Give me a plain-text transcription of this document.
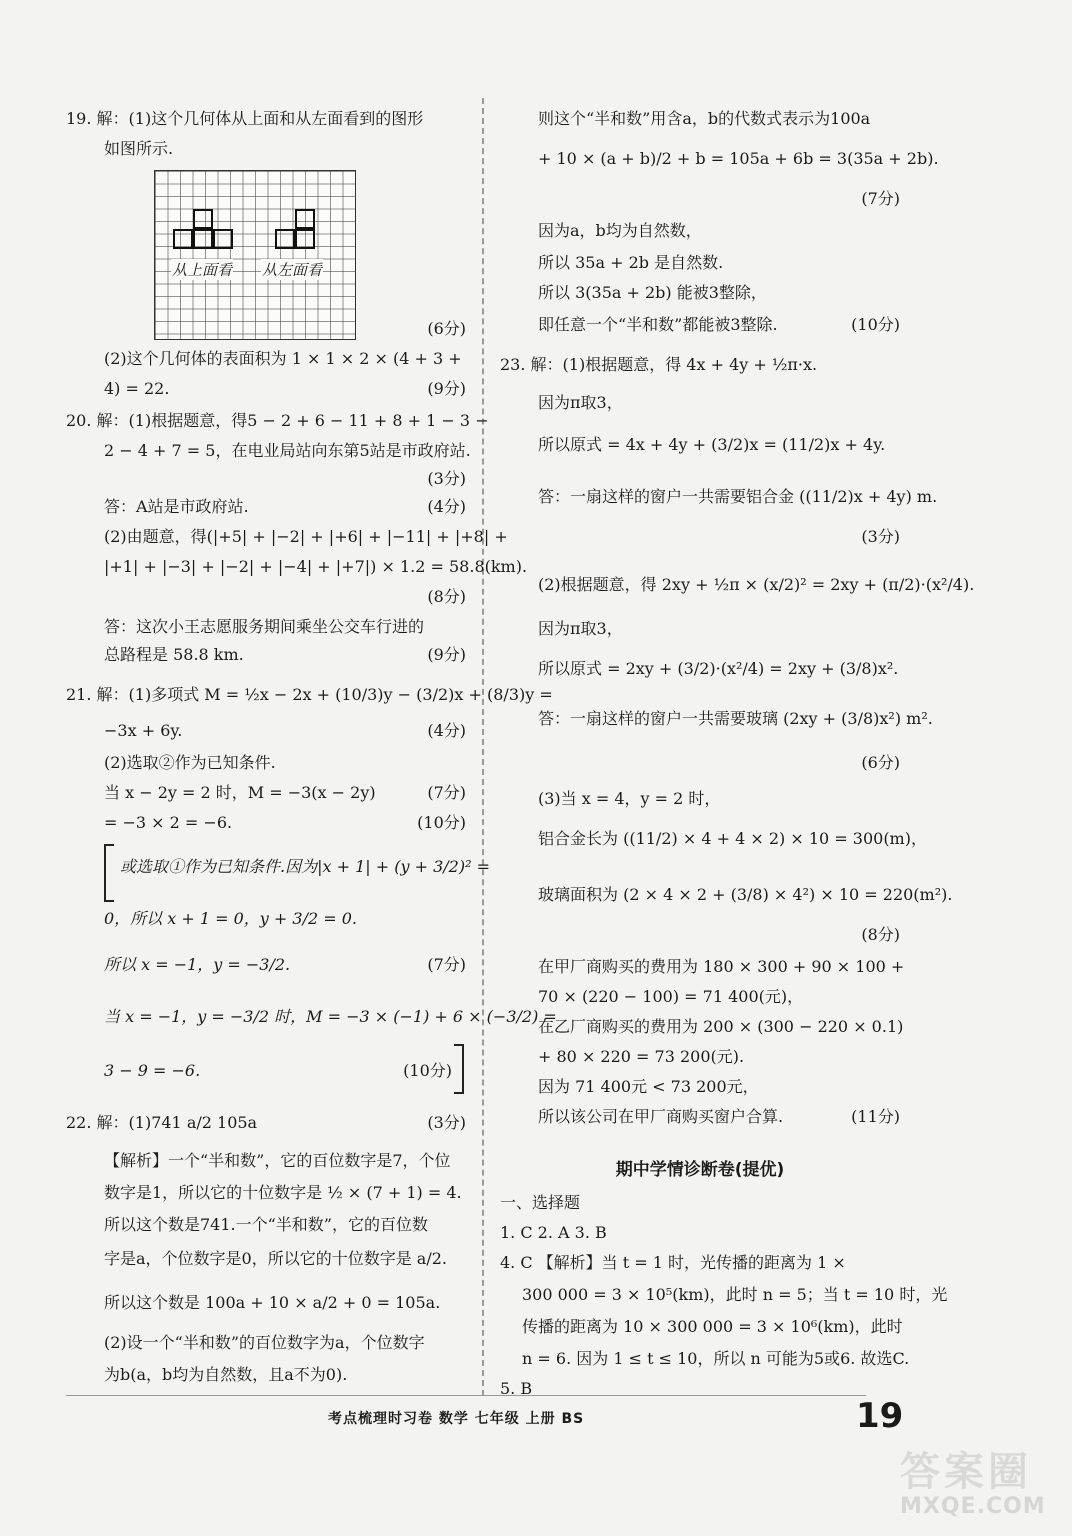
19. 解：(1)这个几何体从上面和从左面看到的图形
如图所示.
从上面看 从左面看
(6分)
(2)这个几何体的表面积为 1 × 1 × 2 × (4 + 3 +
4) = 22.	(9分)
20. 解：(1)根据题意，得5 − 2 + 6 − 11 + 8 + 1 − 3 −
2 − 4 + 7 = 5，在电业局站向东第5站是市政府站.
(3分)
答：A站是市政府站.	(4分)
(2)由题意，得(|+5| + |−2| + |+6| + |−11| + |+8| +
|+1| + |−3| + |−2| + |−4| + |+7|) × 1.2 = 58.8(km).
(8分)
答：这次小王志愿服务期间乘坐公交车行进的
总路程是 58.8 km.	(9分)
21. 解：(1)多项式 M = ½x − 2x + (10/3)y − (3/2)x + (8/3)y =
−3x + 6y.	(4分)
(2)选取②作为已知条件.
当 x − 2y = 2 时，M = −3(x − 2y)	(7分)
= −3 × 2 = −6.	(10分)
或选取①作为已知条件.因为|x + 1| + (y + 3/2)² =
0，所以 x + 1 = 0，y + 3/2 = 0.
所以 x = −1，y = −3/2.	(7分)
当 x = −1，y = −3/2 时，M = −3 × (−1) + 6 × (−3/2) =
3 − 9 = −6.	(10分)
22. 解：(1)741 a/2 105a	(3分)
【解析】一个“半和数”，它的百位数字是7，个位
数字是1，所以它的十位数字是 ½ × (7 + 1) = 4.
所以这个数是741.一个“半和数”，它的百位数
字是a，个位数字是0，所以它的十位数字是 a/2.
所以这个数是 100a + 10 × a/2 + 0 = 105a.
(2)设一个“半和数”的百位数字为a，个位数字
为b(a，b均为自然数，且a不为0).
则这个“半和数”用含a，b的代数式表示为100a
+ 10 × (a + b)/2 + b = 105a + 6b = 3(35a + 2b).
(7分)
因为a，b均为自然数，
所以 35a + 2b 是自然数.
所以 3(35a + 2b) 能被3整除，
即任意一个“半和数”都能被3整除.	(10分)
23. 解：(1)根据题意，得 4x + 4y + ½π·x.
因为π取3，
所以原式 = 4x + 4y + (3/2)x = (11/2)x + 4y.
答：一扇这样的窗户一共需要铝合金 ((11/2)x + 4y) m.
(3分)
(2)根据题意，得 2xy + ½π × (x/2)² = 2xy + (π/2)·(x²/4).
因为π取3，
所以原式 = 2xy + (3/2)·(x²/4) = 2xy + (3/8)x².
答：一扇这样的窗户一共需要玻璃 (2xy + (3/8)x²) m².
(6分)
(3)当 x = 4，y = 2 时，
铝合金长为 ((11/2) × 4 + 4 × 2) × 10 = 300(m)，
玻璃面积为 (2 × 4 × 2 + (3/8) × 4²) × 10 = 220(m²).
(8分)
在甲厂商购买的费用为 180 × 300 + 90 × 100 +
70 × (220 − 100) = 71 400(元)，
在乙厂商购买的费用为 200 × (300 − 220 × 0.1)
+ 80 × 220 = 73 200(元).
因为 71 400元 < 73 200元，
所以该公司在甲厂商购买窗户合算.	(11分)
期中学情诊断卷(提优)
一、选择题
1. C 2. A 3. B
4. C 【解析】当 t = 1 时，光传播的距离为 1 ×
300 000 = 3 × 10⁵(km)，此时 n = 5；当 t = 10 时，光
传播的距离为 10 × 300 000 = 3 × 10⁶(km)，此时
n = 6. 因为 1 ≤ t ≤ 10，所以 n 可能为5或6. 故选C.
5. B
考点梳理时习卷 数学 七年级 上册 BS	19
答案圈
MXQE.COM
